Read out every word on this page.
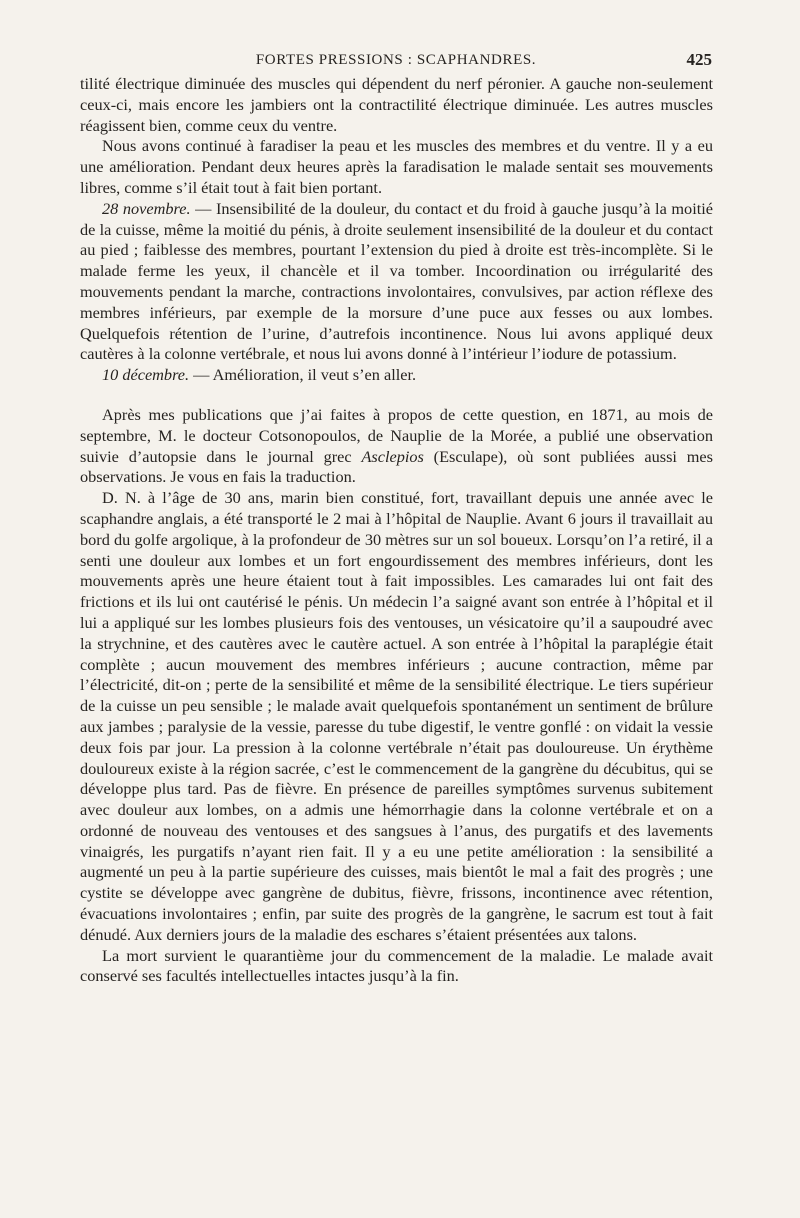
FORTES PRESSIONS : SCAPHANDRES.	425

tilité électrique diminuée des muscles qui dépendent du nerf péronier. A gauche non-seulement ceux-ci, mais encore les jambiers ont la contractilité électrique diminuée. Les autres muscles réagissent bien, comme ceux du ventre.

Nous avons continué à faradiser la peau et les muscles des membres et du ventre. Il y a eu une amélioration. Pendant deux heures après la faradisation le malade sentait ses mouvements libres, comme s’il était tout à fait bien portant.

28 novembre. — Insensibilité de la douleur, du contact et du froid à gauche jusqu’à la moitié de la cuisse, même la moitié du pénis, à droite seulement insensibilité de la douleur et du contact au pied ; faiblesse des membres, pourtant l’extension du pied à droite est très-incomplète. Si le malade ferme les yeux, il chancèle et il va tomber. Incoordination ou irrégularité des mouvements pendant la marche, contractions involontaires, convulsives, par action réflexe des membres inférieurs, par exemple de la morsure d’une puce aux fesses ou aux lombes. Quelquefois rétention de l’urine, d’autrefois incontinence. Nous lui avons appliqué deux cautères à la colonne vertébrale, et nous lui avons donné à l’intérieur l’iodure de potassium.

10 décembre. — Amélioration, il veut s’en aller.

Après mes publications que j’ai faites à propos de cette question, en 1871, au mois de septembre, M. le docteur Cotsonopoulos, de Nauplie de la Morée, a publié une observation suivie d’autopsie dans le journal grec Asclepios (Esculape), où sont publiées aussi mes observations. Je vous en fais la traduction.

D. N. à l’âge de 30 ans, marin bien constitué, fort, travaillant depuis une année avec le scaphandre anglais, a été transporté le 2 mai à l’hôpital de Nauplie. Avant 6 jours il travaillait au bord du golfe argolique, à la profondeur de 30 mètres sur un sol boueux. Lorsqu’on l’a retiré, il a senti une douleur aux lombes et un fort engourdissement des membres inférieurs, dont les mouvements après une heure étaient tout à fait impossibles. Les camarades lui ont fait des frictions et ils lui ont cautérisé le pénis. Un médecin l’a saigné avant son entrée à l’hôpital et il lui a appliqué sur les lombes plusieurs fois des ventouses, un vésicatoire qu’il a saupoudré avec la strychnine, et des cautères avec le cautère actuel. A son entrée à l’hôpital la paraplégie était complète ; aucun mouvement des membres inférieurs ; aucune contraction, même par l’électricité, dit-on ; perte de la sensibilité et même de la sensibilité électrique. Le tiers supérieur de la cuisse un peu sensible ; le malade avait quelquefois spontanément un sentiment de brûlure aux jambes ; paralysie de la vessie, paresse du tube digestif, le ventre gonflé : on vidait la vessie deux fois par jour. La pression à la colonne vertébrale n’était pas douloureuse. Un érythème douloureux existe à la région sacrée, c’est le commencement de la gangrène du décubitus, qui se développe plus tard. Pas de fièvre. En présence de pareilles symptômes survenus subitement avec douleur aux lombes, on a admis une hémorrhagie dans la colonne vertébrale et on a ordonné de nouveau des ventouses et des sangsues à l’anus, des purgatifs et des lavements vinaigrés, les purgatifs n’ayant rien fait. Il y a eu une petite amélioration : la sensibilité a augmenté un peu à la partie supérieure des cuisses, mais bientôt le mal a fait des progrès ; une cystite se développe avec gangrène de dubitus, fièvre, frissons, incontinence avec rétention, évacuations involontaires ; enfin, par suite des progrès de la gangrène, le sacrum est tout à fait dénudé. Aux derniers jours de la maladie des eschares s’étaient présentées aux talons.

La mort survient le quarantième jour du commencement de la maladie. Le malade avait conservé ses facultés intellectuelles intactes jusqu’à la fin.
